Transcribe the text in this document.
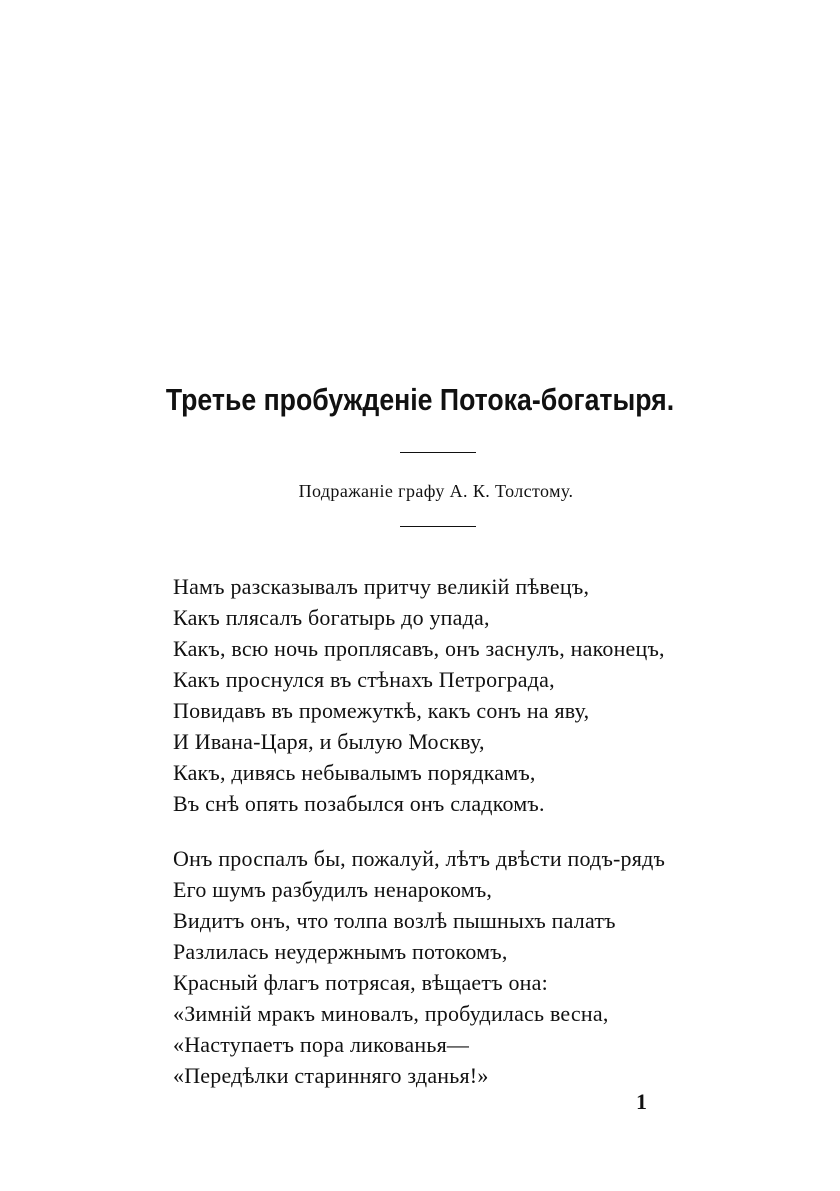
Третье пробужденіе Потока-богатыря.
Подражаніе графу А. К. Толстому.
Намъ разсказывалъ притчу великій пѣвецъ,
Какъ плясалъ богатырь до упада,
Какъ, всю ночь проплясавъ, онъ заснулъ, наконецъ,
Какъ проснулся въ стѣнахъ Петрограда,
Повидавъ въ промежуткѣ, какъ сонъ на яву,
И Ивана-Царя, и былую Москву,
Какъ, дивясь небывалымъ порядкамъ,
Въ снѣ опять позабылся онъ сладкомъ.
Онъ проспалъ бы, пожалуй, лѣтъ двѣсти подъ-рядъ
Его шумъ разбудилъ ненарокомъ,
Видитъ онъ, что толпа возлѣ пышныхъ палатъ
Разлилась неудержнымъ потокомъ,
Красный флагъ потрясая, вѣщаетъ она:
«Зимній мракъ миновалъ, пробудилась весна,
«Наступаетъ пора ликованья—
«Передѣлки старинняго зданья!»
1
